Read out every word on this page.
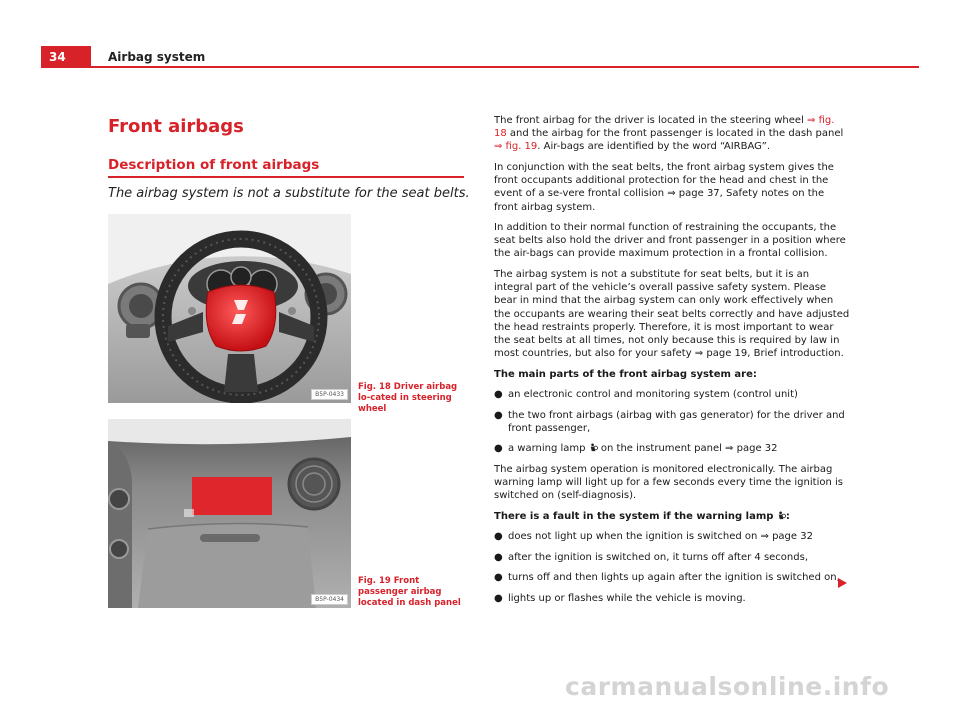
34	Airbag system
Front airbags
Description of front airbags

The airbag system is not a substitute for the seat belts.

B5P-0433
Fig. 18 Driver airbag lo-cated in steering wheel
B5P-0434
Fig. 19 Front passenger airbag located in dash panel

The front airbag for the driver is located in the steering wheel ⇒ fig. 18 and the airbag for the front passenger is located in the dash panel ⇒ fig. 19. Air-bags are identified by the word “AIRBAG”.

In conjunction with the seat belts, the front airbag system gives the front occupants additional protection for the head and chest in the event of a se-vere frontal collision ⇒ page 37, Safety notes on the front airbag system.

In addition to their normal function of restraining the occupants, the seat belts also hold the driver and front passenger in a position where the air-bags can provide maximum protection in a frontal collision.

The airbag system is not a substitute for seat belts, but it is an integral part of the vehicle’s overall passive safety system. Please bear in mind that the airbag system can only work effectively when the occupants are wearing their seat belts correctly and have adjusted the head restraints properly. Therefore, it is most important to wear the seat belts at all times, not only because this is required by law in most countries, but also for your safety ⇒ page 19, Brief introduction.

The main parts of the front airbag system are:

● an electronic control and monitoring system (control unit)
● the two front airbags (airbag with gas generator) for the driver and front passenger,
● a warning lamp  on the instrument panel ⇒ page 32

The airbag system operation is monitored electronically. The airbag warning lamp will light up for a few seconds every time the ignition is switched on (self-diagnosis).

There is a fault in the system if the warning lamp :

● does not light up when the ignition is switched on ⇒ page 32
● after the ignition is switched on, it turns off after 4 seconds,
● turns off and then lights up again after the ignition is switched on,
● lights up or flashes while the vehicle is moving.
carmanualsonline.info
